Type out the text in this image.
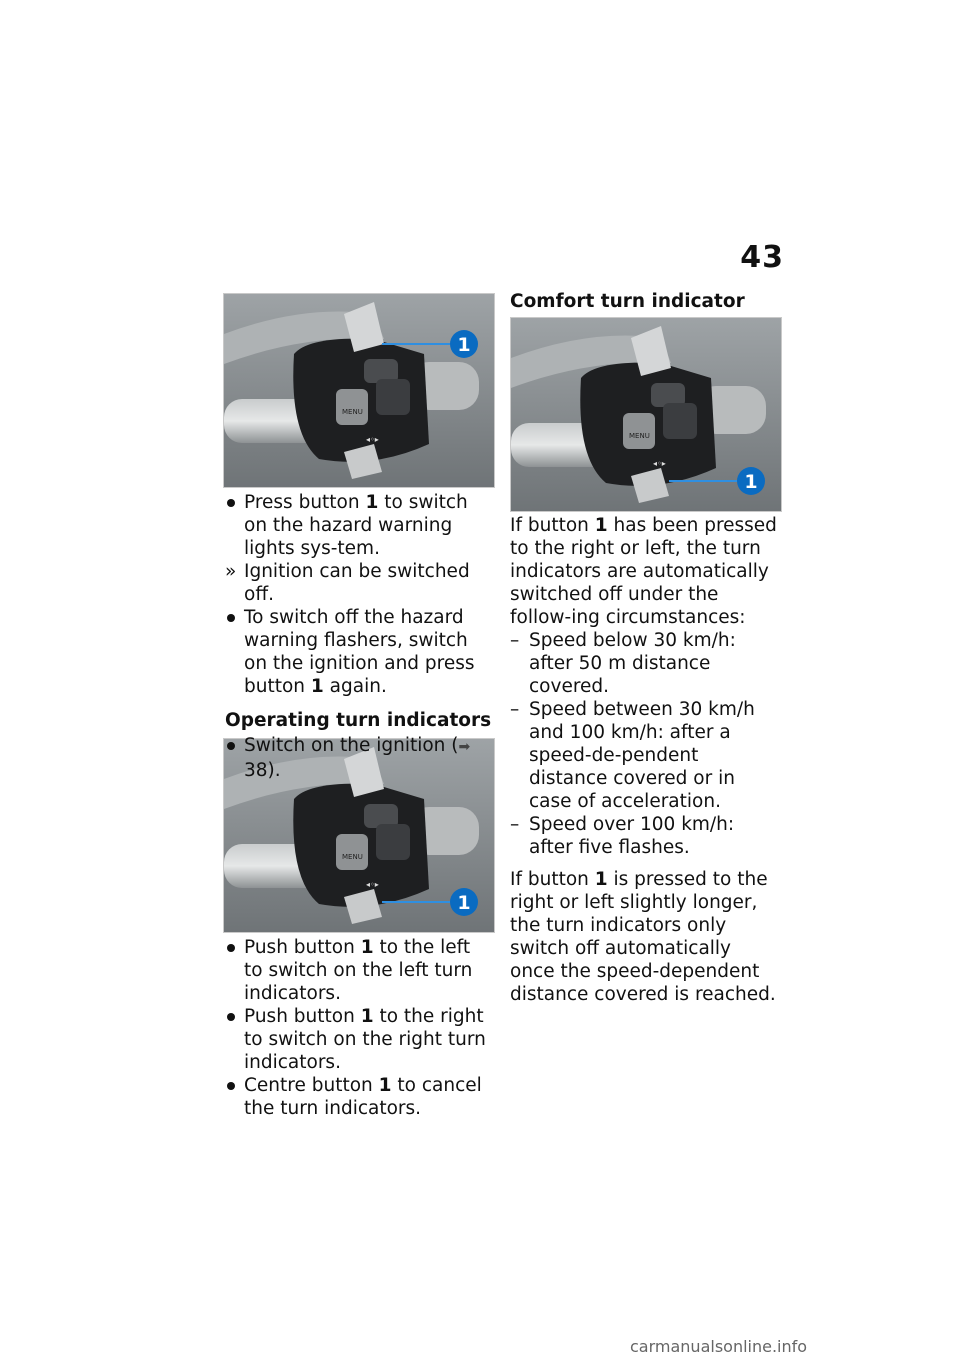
43
MENU
◂◦▸
1
MENU
◂◦▸
1
MENU
◂◦▸
1

Press button 1 to switch on the hazard warning lights sys-tem.

» Ignition can be switched off.

To switch off the hazard warning flashers, switch on the ignition and press button 1 again.

Operating turn indicators

Switch on the ignition (➡ 38).

Push button 1 to the left to switch on the left turn indicators.

Push button 1 to the right to switch on the right turn indicators.

Centre button 1 to cancel the turn indicators.

Comfort turn indicator

If button 1 has been pressed to the right or left, the turn indicators are automatically switched off under the follow-ing circumstances:

– Speed below 30 km/h: after 50 m distance covered.

– Speed between 30 km/h and 100 km/h: after a speed-de-pendent distance covered or in case of acceleration.

– Speed over 100 km/h: after five flashes.

If button 1 is pressed to the right or left slightly longer, the turn indicators only switch off automatically once the speed-dependent distance covered is reached.

carmanualsonline.info
